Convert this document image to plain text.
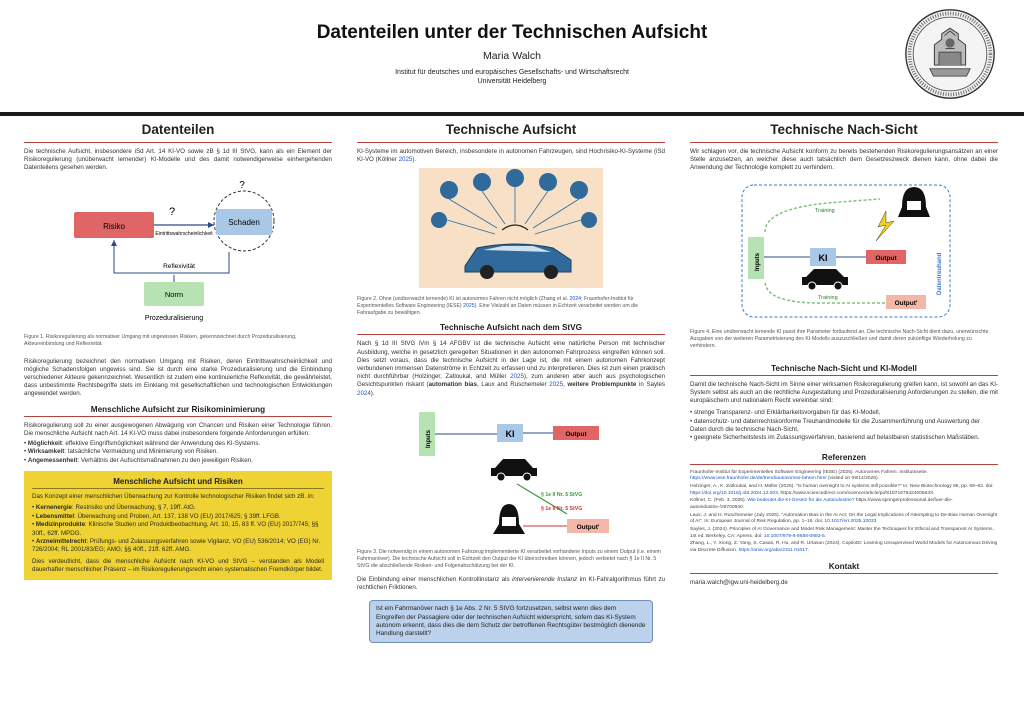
Datenteilen unter der Technischen Aufsicht
Maria Walch
Institut für deutsches und europäisches Gesellschafts- und Wirtschaftsrecht
Universität Heidelberg
Datenteilen
Die technische Aufsicht, insbesondere iSd Art. 14 KI-VO sowie zB § 1d III StVG, kann als ein Element der Risikoregulierung (unüberwacht lernender) KI-Modelle und des damit notwendigerweise einhergehenden Datenteilens gesehen werden.
Risiko	Schaden
?
?
Eintrittswahrscheinlichkeit
Reflexivität
Norm
Prozeduralisierung
Figure 1. Risikoregulierung als normativer Umgang mit ungewissen Risiken, gekennzeichnet durch Prozeduralisierung, Akteureinbindung und Reflexivität.
Risikoregulierung bezeichnet den normativen Umgang mit Risiken, deren Eintrittswahrscheinlichkeit und mögliche Schadensfolgen ungewiss sind. Sie ist durch eine starke Prozeduralisierung und die Einbindung verschiedener Akteure gekennzeichnet. Wesentlich ist zudem eine kontinuierliche Reflexivität, die gewährleistet, dass unbestimmte Rechtsbegriffe stets im Einklang mit gesellschaftlichen und technologischen Entwicklungen angewendet werden.
Menschliche Aufsicht zur Risikominimierung
Risikoregulierung soll zu einer ausgewogenen Abwägung von Chancen und Risiken einer Technologie führen. Die menschliche Aufsicht nach Art. 14 KI-VO muss dabei insbesondere folgende Anforderungen erfüllen:
• Möglichkeit: effektive Eingriffsmöglichkeit während der Anwendung des KI-Systems.
• Wirksamkeit: tatsächliche Vermeidung und Minimierung von Risiken.
• Angemessenheit: Verhältnis der Aufsichtsmaßnahmen zu den jeweiligen Risiken.
Menschliche Aufsicht und Risiken
Das Konzept einer menschlichen Überwachung zur Kontrolle technologischer Risiken findet sich zB. in:
• Kernenergie: Restrisiko und Überwachung, § 7, 19ff. AtG.
• Lebensmittel: Überwachung und Proben, Art. 137, 138 VO (EU) 2017/625; § 39ff. LFGB.
• Medizinprodukte: Klinische Studien und Produktbeobachtung, Art. 10, 15, 83 ff. VO (EU) 2017/745; §§ 30ff., 62ff. MPDG.
• Arzneimittelrecht: Prüfungs- und Zulassungsverfahren sowie Vigilanz, VO (EU) 536/2014; VO (EG) Nr. 726/2004; RL 2001/83/EG; AMG; §§ 40ff., 21ff. 62ff. AMG.
Dies verdeutlicht, dass die menschliche Aufsicht nach KI-VO und StVG – verstanden als Modell dauerhafter menschlicher Präsenz – im Risikoregulierungsrecht einen systematischen Fremdkörper bildet.
Technische Aufsicht
KI-Systeme im automotiven Bereich, insbesondere in autonomen Fahrzeugen, sind Hochrisiko-KI-Systeme (iSd KI-VO (Köllner 2025).
Figure 2. Ohne (unüberwacht lernende) KI ist autonomes Fahren nicht möglich (Zhang et al. 2024; Fraunhofer-Institut für Experimentelles Software Engineering (IESE) 2025). Eine Vielzahl an Daten müssen in Echtzeit verarbeitet werden um die Fahraufgabe zu bewältigen.
Technische Aufsicht nach dem StVG
Nach § 1d III StVG iVm § 14 AFGBV ist die technische Aufsicht eine natürliche Person mit technischer Ausbildung, welche in gesetzlich geregelten Situationen in den autonomen Fahrprozess eingreifen können soll. Dies setzt voraus, dass die technische Aufsicht in der Lage ist, die mit einem autonomen Fahrkonzept verbundenen immensen Datenströme in Echtzeit zu erfassen und zu interpretieren. Dies ist zum einen praktisch nicht durchführbar (Holzinger, Zatloukal, and Müller 2025), zum anderen aber auch aus psychologischen Gesichtspunkten riskant (automation bias, Laux and Ruschemeier 2025, weitere Problempunkte in Sayles 2024).
Inputs	KI	Output
§ 1e II Nr. 5 StVG
§ 1e II Nr. 5 StVG
Output'
Figure 3. Die notwendig in einem autonomen Fahrzeug implementierte KI verarbeitet vorhandene Inputs zu einem Output (i.e. einem Fahrmanöver). Die technische Aufsicht soll in Echtzeit den Output der KI überschreiben können, jedoch verbietet nach § 1e II Nr. 5 StVG die abschließende Risiken- und Folgenabschätzung bei der KI.
Die Einbindung einer menschlichen Kontrollinstanz als intervenierende Instanz im KI-Fahralgorithmus führt zu rechtlichen Friktionen.
Ist ein Fahrmanöver nach § 1e Abs. 2 Nr. 5 StVG fortzusetzen, selbst wenn dies dem Eingreifen der Passagiere oder der technischen Aufsicht widerspricht, sofern das KI-System autonom erkennt, dass dies die dem Schutz der betroffenen Rechtsgüter bestmöglich dienende Handlung darstellt?
Technische Nach-Sicht
Wir schlagen vor, die technische Aufsicht konform zu bereits bestehenden Risikoregulierungsansätzen an einer Stelle anzusetzen, an welcher diese auch tatsächlich dem Gesetzeszweck dienen kann, ohne dabei die Anwendung der Technologie komplett zu verhindern.
Training
Inputs	KI	Output	Datentreuhand
Training
Output'
Figure 4. Eine unüberwacht lernende KI passt ihre Parameter fortlaufend an. Die technische Nach-Sicht dient dazu, unerwünschte Ausgaben von der weiteren Parametrisierung des KI-Modells auszuschließen und damit deren zukünftige Wiederholung zu verhindern.
Technische Nach-Sicht und KI-Modell
Damit die technische Nach-Sicht im Sinne einer wirksamen Risikoregulierung greifen kann, ist sowohl an das KI-System selbst als auch an die rechtliche Ausgestaltung und Prozeduralisierung Anforderungen zu stellen, die mit europäischem und nationalem Recht vereinbar sind:
• strenge Transparenz- und Erklärbarkeitsvorgaben für das KI-Modell,
• datenschutz- und datenrechtskonforme Treuhandmodelle für die Zusammenführung und Auswertung der Daten durch die technische Nach-Sicht,
• geeignete Sicherheitstests im Zulassungsverfahren, basierend auf belastbaren statistischen Maßstäben.
Referenzen
Fraunhofer-Institut für Experimentelles Software Engineering (IESE) (2025). Autonomes Fahren. Institutsseite. https://www.iese.fraunhofer.de/de/trend/autonomes-fahren.html (visited on 09/14/2025).
Holzinger, A., K. Zatloukal, and H. Müller (2025). "Is human oversight to AI systems still possible?" In: New Biotechnology 85, pp. 59–62. doi: https://doi.org/10.1016/j.nbt.2024.12.003, https://www.sciencedirect.com/science/article/pii/S187167842400563X.
Köllner, C. (Feb. 3, 2025). Wie bedeutet die KI-Gesetz für die Autoindustrie? https://www.springerprofessional.de/fuer-die-autoindustrie-/26700940.
Laux, J. and H. Ruschemeier (July 2025). "Automation Bias in the AI Act: On the Legal Implications of Attempting to De-Bias Human Oversight of AI". In: European Journal of Risk Regulation, pp. 1–16. doi: 10.1017/err.2025.10033
Sayles, J. (2024). Principles of AI Governance and Model Risk Management: Master the Techniques for Ethical and Transparent AI Systems. 1st ed. Berkeley, CA: Apress. doi: 10.1007/979-8-8688-0983-5.
Zhang, L., Y. Xiong, Z. Yang, S. Casas, R. Hu, and R. Urtasun (2024). CopilotD: Learning Unsupervised World Models for Autonomous Driving via Discrete Diffusion. https://arxiv.org/abs/2311.01017.
Kontakt
maria.walch@igw.uni-heidelberg.de
